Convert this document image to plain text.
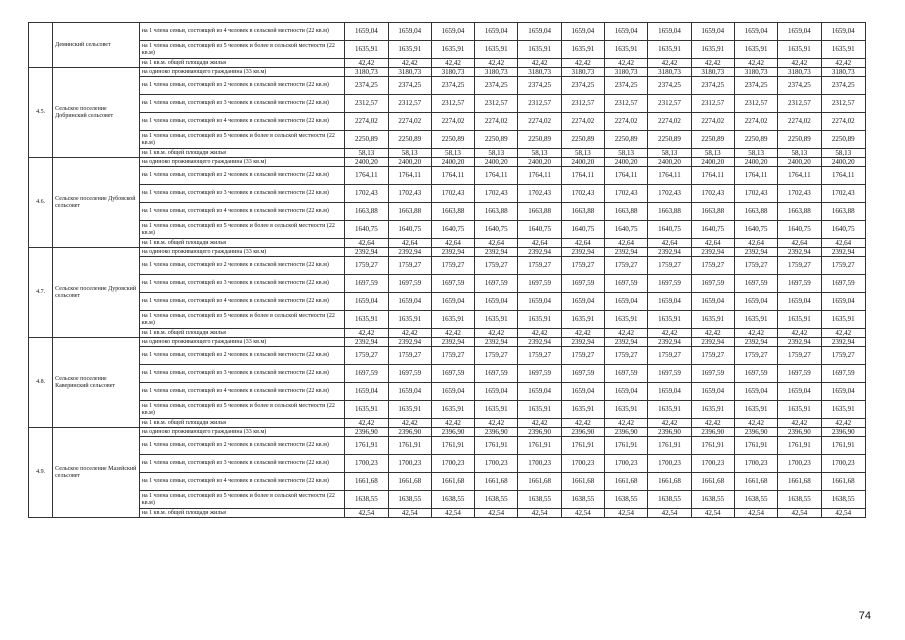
	Деминский сельсовет	на 1 члена семьи, состоящей из 4 человек в сельской местности (22 кв.м)	1659,04	1659,04	1659,04	1659,04	1659,04	1659,04	1659,04	1659,04	1659,04	1659,04	1659,04	1659,04
		на 1 члена семьи, состоящей из 5 человек и более в сельской местности (22 кв.м)	1635,91	1635,91	1635,91	1635,91	1635,91	1635,91	1635,91	1635,91	1635,91	1635,91	1635,91	1635,91
		на 1 кв.м. общей площади жилья	42,42	42,42	42,42	42,42	42,42	42,42	42,42	42,42	42,42	42,42	42,42	42,42
4.5.	Сельское поселение Добринский сельсовет	на одиноко проживающего гражданина (33 кв.м)	3180,73	3180,73	3180,73	3180,73	3180,73	3180,73	3180,73	3180,73	3180,73	3180,73	3180,73	3180,73
		на 1 члена семьи, состоящей из 2 человек в сельской местности (22 кв.м)	2374,25	2374,25	2374,25	2374,25	2374,25	2374,25	2374,25	2374,25	2374,25	2374,25	2374,25	2374,25
		на 1 члена семьи, состоящей из 3 человек в сельской местности (22 кв.м)	2312,57	2312,57	2312,57	2312,57	2312,57	2312,57	2312,57	2312,57	2312,57	2312,57	2312,57	2312,57
		на 1 члена семьи, состоящей из 4 человек в сельской местности (22 кв.м)	2274,02	2274,02	2274,02	2274,02	2274,02	2274,02	2274,02	2274,02	2274,02	2274,02	2274,02	2274,02
		на 1 члена семьи, состоящей из 5 человек и более в сельской местности (22 кв.м)	2250,89	2250,89	2250,89	2250,89	2250,89	2250,89	2250,89	2250,89	2250,89	2250,89	2250,89	2250,89
		на 1 кв.м. общей площади жилья	58,13	58,13	58,13	58,13	58,13	58,13	58,13	58,13	58,13	58,13	58,13	58,13
4.6.	Сельское поселение Дубовской сельсовет	на одиноко проживающего гражданина (33 кв.м)	2400,20	2400,20	2400,20	2400,20	2400,20	2400,20	2400,20	2400,20	2400,20	2400,20	2400,20	2400,20
		на 1 члена семьи, состоящей из 2 человек в сельской местности (22 кв.м)	1764,11	1764,11	1764,11	1764,11	1764,11	1764,11	1764,11	1764,11	1764,11	1764,11	1764,11	1764,11
		на 1 члена семьи, состоящей из 3 человек в сельской местности (22 кв.м)	1702,43	1702,43	1702,43	1702,43	1702,43	1702,43	1702,43	1702,43	1702,43	1702,43	1702,43	1702,43
		на 1 члена семьи, состоящей из 4 человек в сельской местности (22 кв.м)	1663,88	1663,88	1663,88	1663,88	1663,88	1663,88	1663,88	1663,88	1663,88	1663,88	1663,88	1663,88
		на 1 члена семьи, состоящей из 5 человек и более в сельской местности (22 кв.м)	1640,75	1640,75	1640,75	1640,75	1640,75	1640,75	1640,75	1640,75	1640,75	1640,75	1640,75	1640,75
		на 1 кв.м. общей площади жилья	42,64	42,64	42,64	42,64	42,64	42,64	42,64	42,64	42,64	42,64	42,64	42,64
4.7.	Сельское поселение Дуровский сельсовет	на одиноко проживающего гражданина (33 кв.м)	2392,94	2392,94	2392,94	2392,94	2392,94	2392,94	2392,94	2392,94	2392,94	2392,94	2392,94	2392,94
		на 1 члена семьи, состоящей из 2 человек в сельской местности (22 кв.м)	1759,27	1759,27	1759,27	1759,27	1759,27	1759,27	1759,27	1759,27	1759,27	1759,27	1759,27	1759,27
		на 1 члена семьи, состоящей из 3 человек в сельской местности (22 кв.м)	1697,59	1697,59	1697,59	1697,59	1697,59	1697,59	1697,59	1697,59	1697,59	1697,59	1697,59	1697,59
		на 1 члена семьи, состоящей из 4 человек в сельской местности (22 кв.м)	1659,04	1659,04	1659,04	1659,04	1659,04	1659,04	1659,04	1659,04	1659,04	1659,04	1659,04	1659,04
		на 1 члена семьи, состоящей из 5 человек и более в сельской местности (22 кв.м)	1635,91	1635,91	1635,91	1635,91	1635,91	1635,91	1635,91	1635,91	1635,91	1635,91	1635,91	1635,91
		на 1 кв.м. общей площади жилья	42,42	42,42	42,42	42,42	42,42	42,42	42,42	42,42	42,42	42,42	42,42	42,42
4.8.	Сельское поселение Каверинский сельсовет	на одиноко проживающего гражданина (33 кв.м)	2392,94	2392,94	2392,94	2392,94	2392,94	2392,94	2392,94	2392,94	2392,94	2392,94	2392,94	2392,94
		на 1 члена семьи, состоящей из 2 человек в сельской местности (22 кв.м)	1759,27	1759,27	1759,27	1759,27	1759,27	1759,27	1759,27	1759,27	1759,27	1759,27	1759,27	1759,27
		на 1 члена семьи, состоящей из 3 человек в сельской местности (22 кв.м)	1697,59	1697,59	1697,59	1697,59	1697,59	1697,59	1697,59	1697,59	1697,59	1697,59	1697,59	1697,59
		на 1 члена семьи, состоящей из 4 человек в сельской местности (22 кв.м)	1659,04	1659,04	1659,04	1659,04	1659,04	1659,04	1659,04	1659,04	1659,04	1659,04	1659,04	1659,04
		на 1 члена семьи, состоящей из 5 человек и более в сельской местности (22 кв.м)	1635,91	1635,91	1635,91	1635,91	1635,91	1635,91	1635,91	1635,91	1635,91	1635,91	1635,91	1635,91
		на 1 кв.м. общей площади жилья	42,42	42,42	42,42	42,42	42,42	42,42	42,42	42,42	42,42	42,42	42,42	42,42
4.9.	Сельское поселение Мазейский сельсовет	на одиноко проживающего гражданина (33 кв.м)	2396,90	2396,90	2396,90	2396,90	2396,90	2396,90	2396,90	2396,90	2396,90	2396,90	2396,90	2396,90
		на 1 члена семьи, состоящей из 2 человек в сельской местности (22 кв.м)	1761,91	1761,91	1761,91	1761,91	1761,91	1761,91	1761,91	1761,91	1761,91	1761,91	1761,91	1761,91
		на 1 члена семьи, состоящей из 3 человек в сельской местности (22 кв.м)	1700,23	1700,23	1700,23	1700,23	1700,23	1700,23	1700,23	1700,23	1700,23	1700,23	1700,23	1700,23
		на 1 члена семьи, состоящей из 4 человек в сельской местности (22 кв.м)	1661,68	1661,68	1661,68	1661,68	1661,68	1661,68	1661,68	1661,68	1661,68	1661,68	1661,68	1661,68
		на 1 члена семьи, состоящей из 5 человек и более в сельской местности (22 кв.м)	1638,55	1638,55	1638,55	1638,55	1638,55	1638,55	1638,55	1638,55	1638,55	1638,55	1638,55	1638,55
		на 1 кв.м. общей площади жилья	42,54	42,54	42,54	42,54	42,54	42,54	42,54	42,54	42,54	42,54	42,54	42,54
74
